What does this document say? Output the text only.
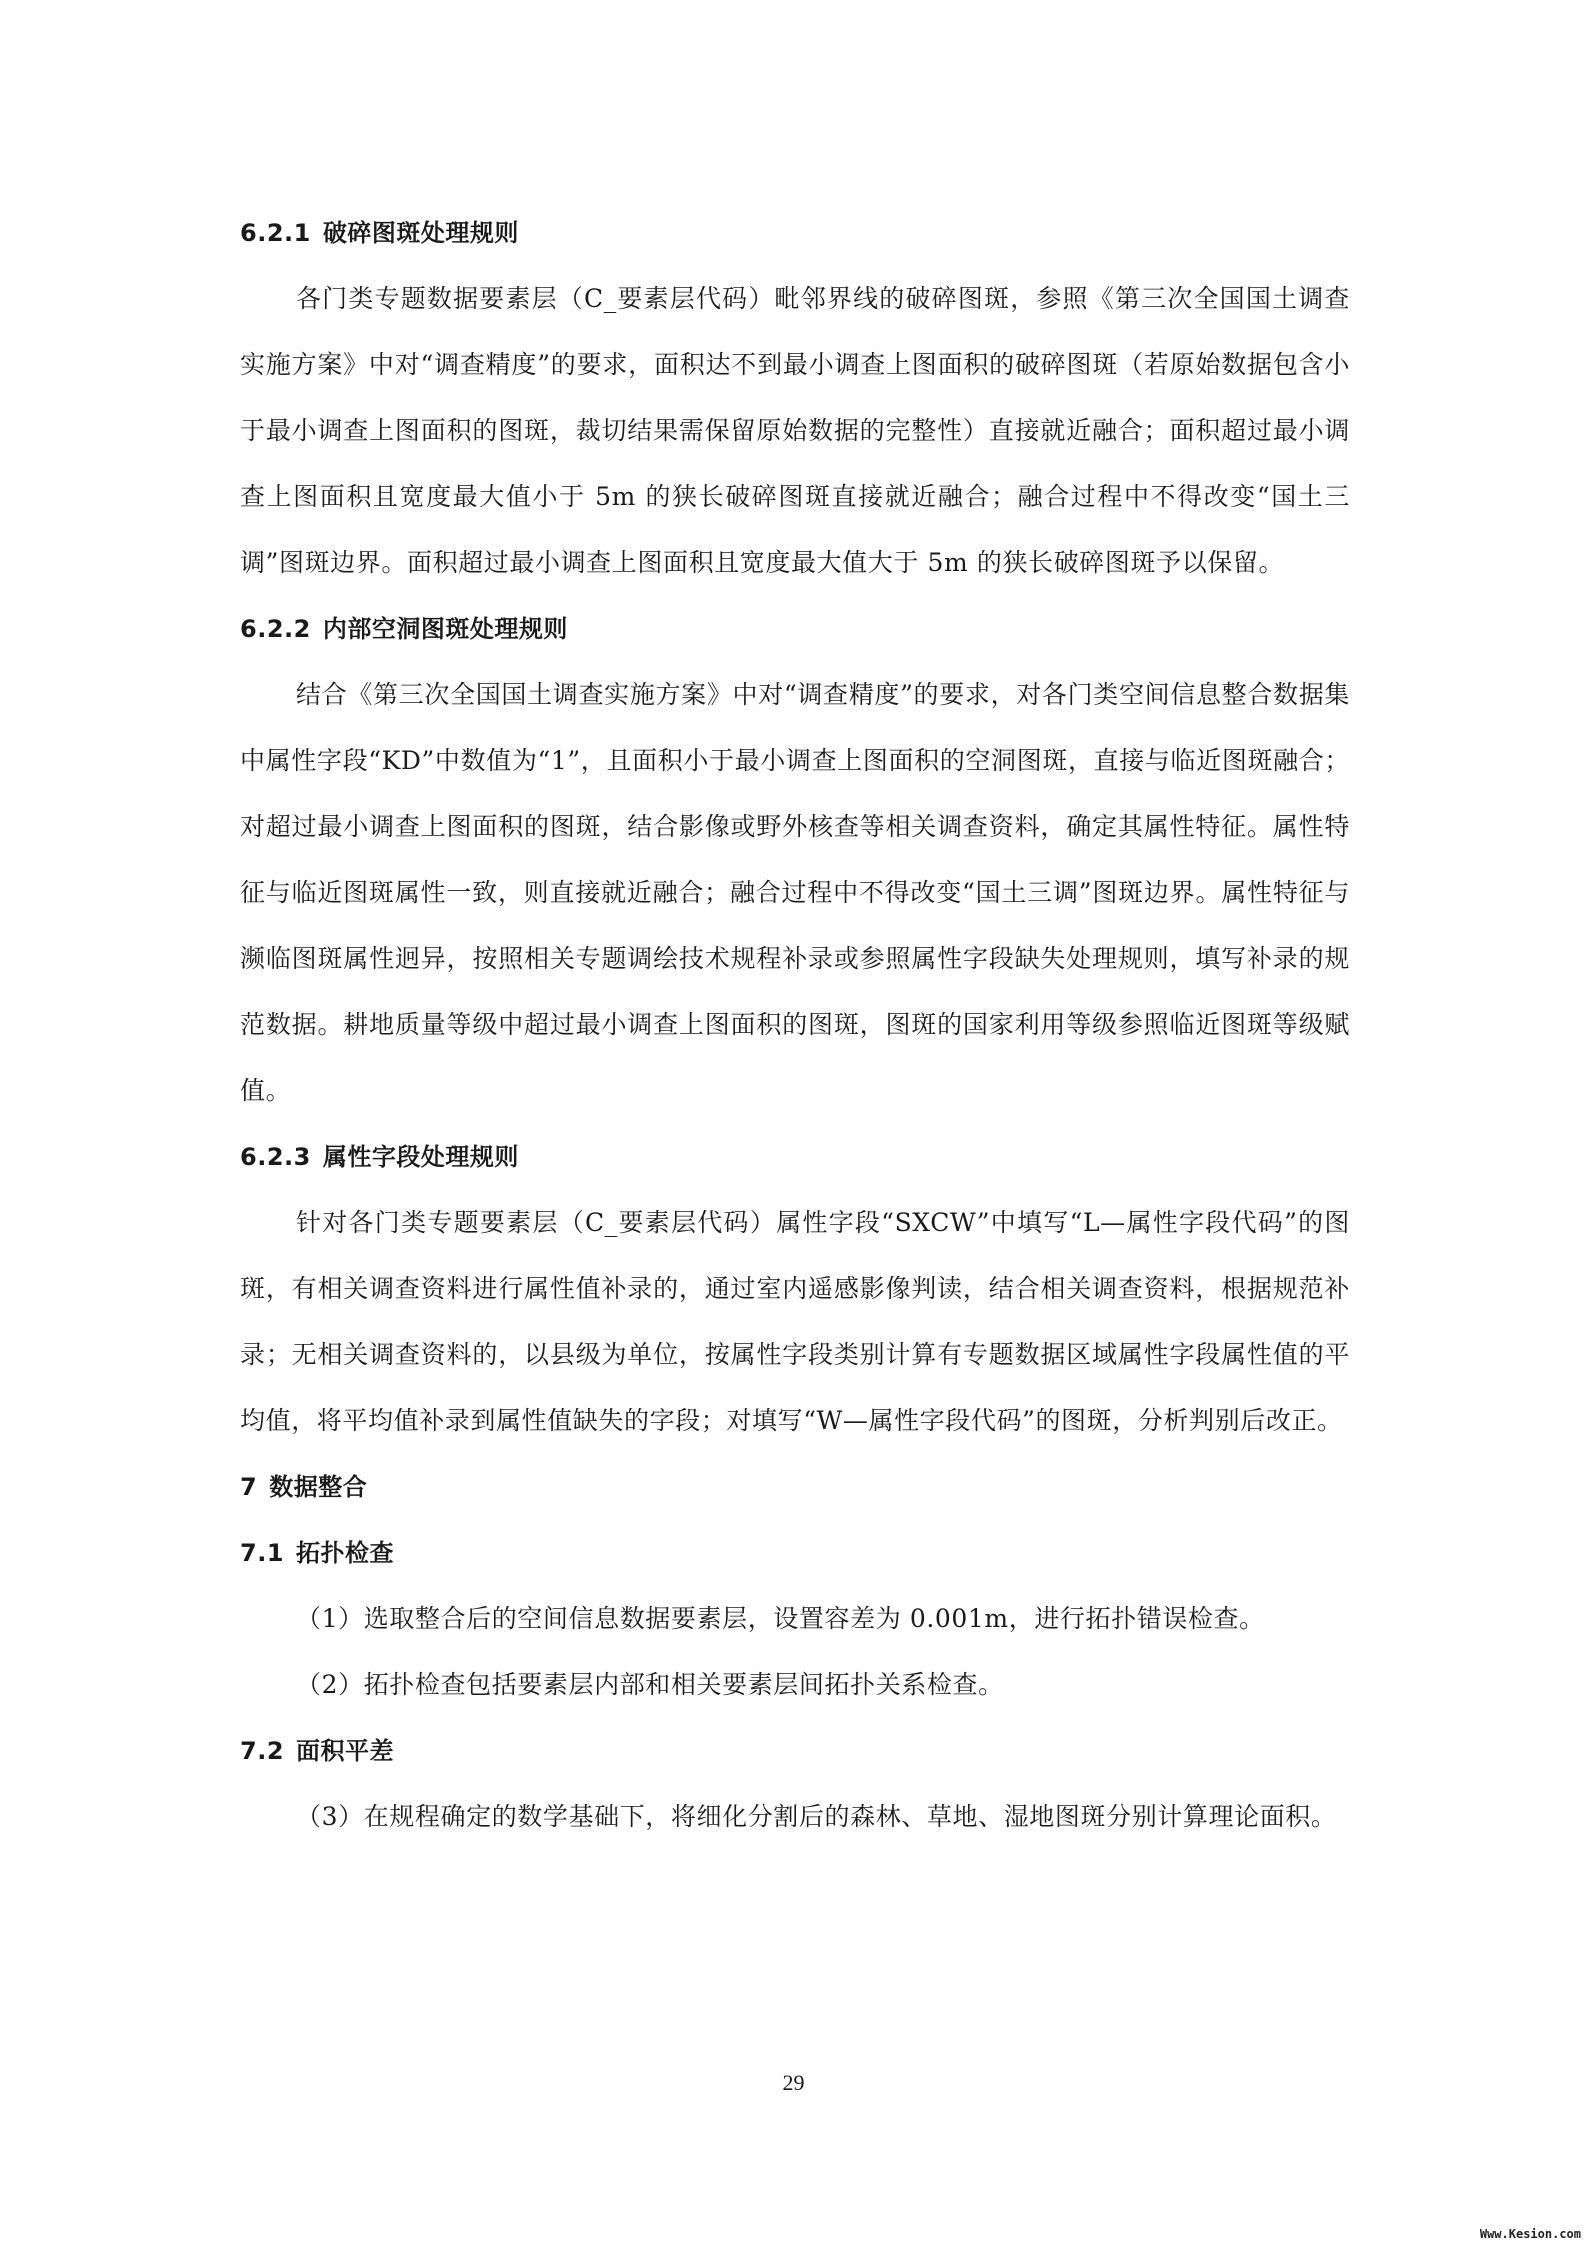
6.2.1 破碎图斑处理规则

各门类专题数据要素层（C_要素层代码）毗邻界线的破碎图斑，参照《第三次全国国土调查实施方案》中对“调查精度”的要求，面积达不到最小调查上图面积的破碎图斑（若原始数据包含小于最小调查上图面积的图斑，裁切结果需保留原始数据的完整性）直接就近融合；面积超过最小调查上图面积且宽度最大值小于 5m 的狭长破碎图斑直接就近融合；融合过程中不得改变“国土三调”图斑边界。面积超过最小调查上图面积且宽度最大值大于 5m 的狭长破碎图斑予以保留。

6.2.2 内部空洞图斑处理规则

结合《第三次全国国土调查实施方案》中对“调查精度”的要求，对各门类空间信息整合数据集中属性字段“KD”中数值为“1”，且面积小于最小调查上图面积的空洞图斑，直接与临近图斑融合；对超过最小调查上图面积的图斑，结合影像或野外核查等相关调查资料，确定其属性特征。属性特征与临近图斑属性一致，则直接就近融合；融合过程中不得改变“国土三调”图斑边界。属性特征与濒临图斑属性迥异，按照相关专题调绘技术规程补录或参照属性字段缺失处理规则，填写补录的规范数据。耕地质量等级中超过最小调查上图面积的图斑，图斑的国家利用等级参照临近图斑等级赋值。

6.2.3 属性字段处理规则

针对各门类专题要素层（C_要素层代码）属性字段“SXCW”中填写“L—属性字段代码”的图斑，有相关调查资料进行属性值补录的，通过室内遥感影像判读，结合相关调查资料，根据规范补录；无相关调查资料的，以县级为单位，按属性字段类别计算有专题数据区域属性字段属性值的平均值，将平均值补录到属性值缺失的字段；对填写“W—属性字段代码”的图斑，分析判别后改正。

7 数据整合
7.1 拓扑检查

（1）选取整合后的空间信息数据要素层，设置容差为 0.001m，进行拓扑错误检查。

（2）拓扑检查包括要素层内部和相关要素层间拓扑关系检查。

7.2 面积平差

（3）在规程确定的数学基础下，将细化分割后的森林、草地、湿地图斑分别计算理论面积。

29
Www.Kesion.com
